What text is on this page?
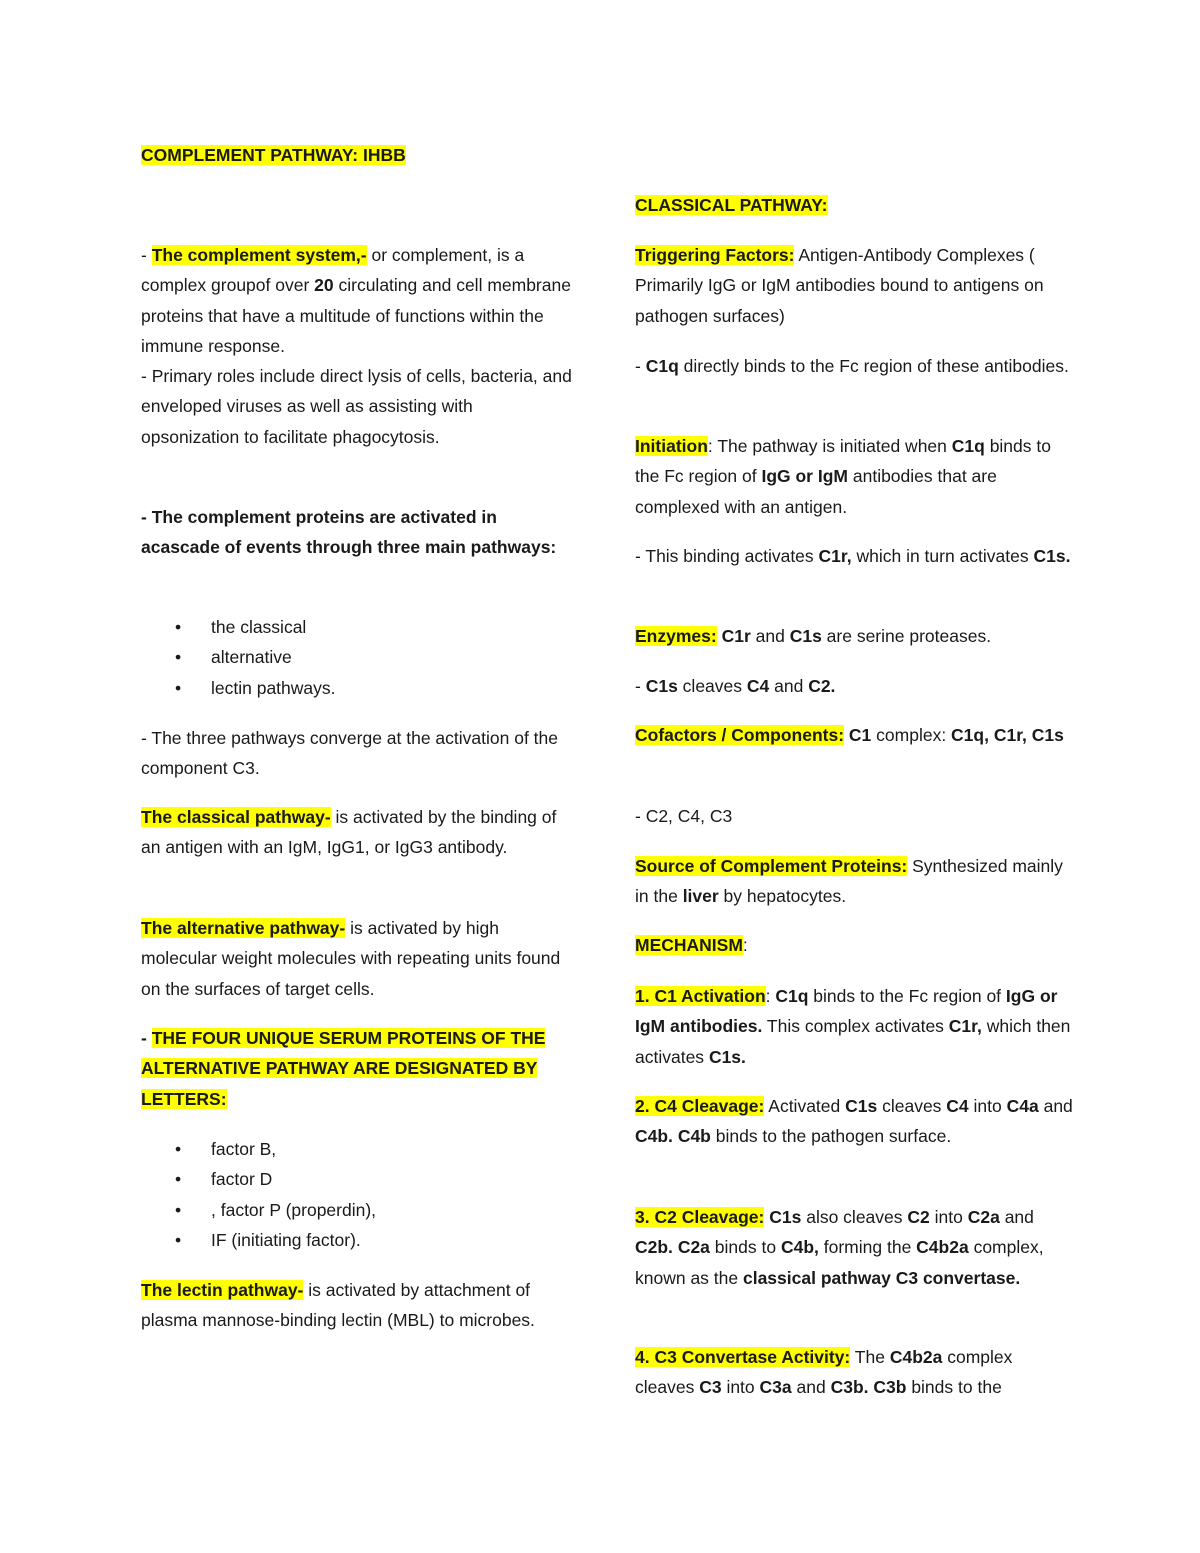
COMPLEMENT PATHWAY: IHBB

- The complement system,- or complement, is a complex groupof over 20 circulating and cell membrane proteins that have a multitude of functions within the immune response.

- Primary roles include direct lysis of cells, bacteria, and enveloped viruses as well as assisting with opsonization to facilitate phagocytosis.

- The complement proteins are activated in acascade of events through three main pathways:

• the classical
• alternative
• lectin pathways.

- The three pathways converge at the activation of the component C3.

The classical pathway- is activated by the binding of an antigen with an IgM, IgG1, or IgG3 antibody.

The alternative pathway- is activated by high molecular weight molecules with repeating units found on the surfaces of target cells.

- THE FOUR UNIQUE SERUM PROTEINS OF THE ALTERNATIVE PATHWAY ARE DESIGNATED BY LETTERS:

• factor B,
• factor D
• , factor P (properdin),
• IF (initiating factor).

The lectin pathway- is activated by attachment of plasma mannose-binding lectin (MBL) to microbes.

CLASSICAL PATHWAY:

Triggering Factors: Antigen-Antibody Complexes ( Primarily IgG or IgM antibodies bound to antigens on pathogen surfaces)

- C1q directly binds to the Fc region of these antibodies.

Initiation: The pathway is initiated when C1q binds to the Fc region of IgG or IgM antibodies that are complexed with an antigen.

- This binding activates C1r, which in turn activates C1s.

Enzymes: C1r and C1s are serine proteases.

- C1s cleaves C4 and C2.

Cofactors / Components: C1 complex: C1q, C1r, C1s

- C2, C4, C3

Source of Complement Proteins: Synthesized mainly in the liver by hepatocytes.

MECHANISM:

1. C1 Activation: C1q binds to the Fc region of IgG or IgM antibodies. This complex activates C1r, which then activates C1s.

2. C4 Cleavage: Activated C1s cleaves C4 into C4a and C4b. C4b binds to the pathogen surface.

3. C2 Cleavage: C1s also cleaves C2 into C2a and C2b. C2a binds to C4b, forming the C4b2a complex, known as the classical pathway C3 convertase.

4. C3 Convertase Activity: The C4b2a complex cleaves C3 into C3a and C3b. C3b binds to the
